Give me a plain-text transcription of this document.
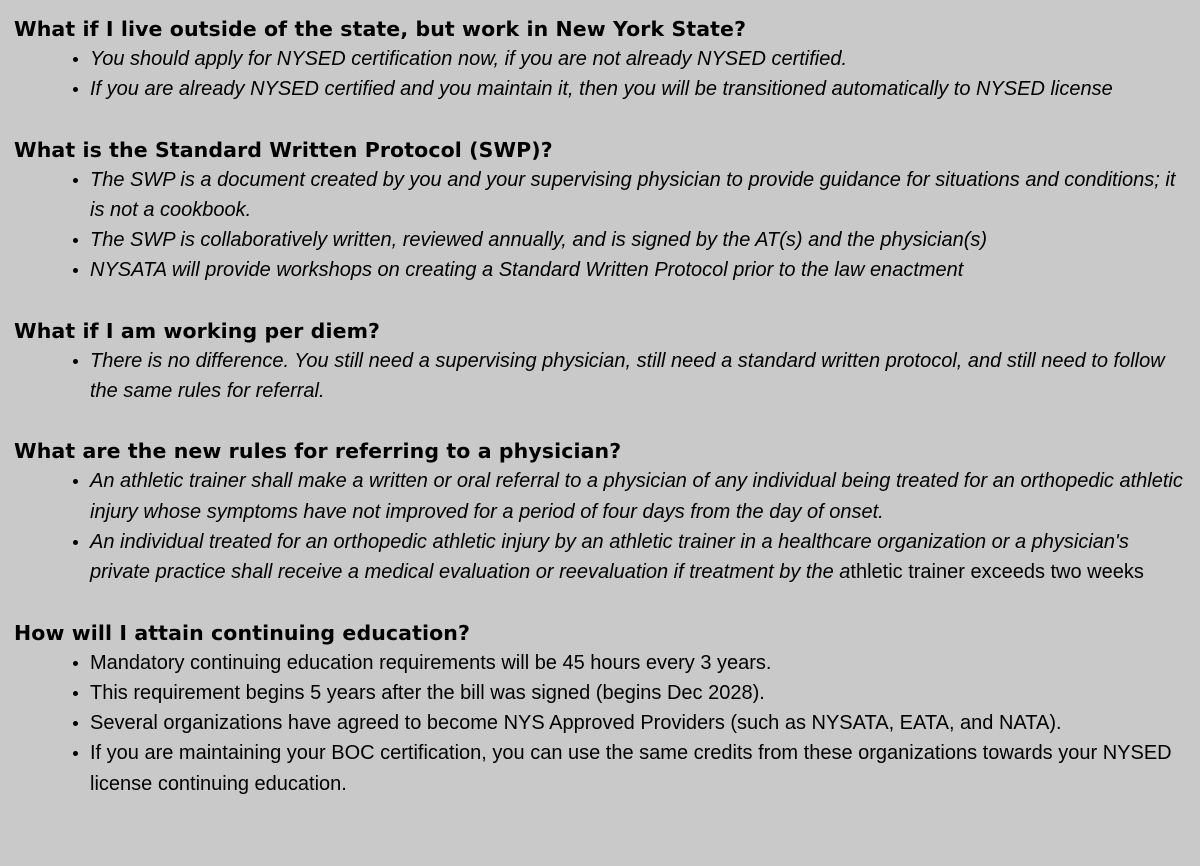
What if I live outside of the state, but work in New York State?
• You should apply for NYSED certification now, if you are not already NYSED certified.
• If you are already NYSED certified and you maintain it, then you will be transitioned automatically to NYSED license
What is the Standard Written Protocol (SWP)?
• The SWP is a document created by you and your supervising physician to provide guidance for situations and conditions; it is not a cookbook.
• The SWP is collaboratively written, reviewed annually, and is signed by the AT(s) and the physician(s)
• NYSATA will provide workshops on creating a Standard Written Protocol prior to the law enactment
What if I am working per diem?
• There is no difference. You still need a supervising physician, still need a standard written protocol, and still need to follow the same rules for referral.
What are the new rules for referring to a physician?
• An athletic trainer shall make a written or oral referral to a physician of any individual being treated for an orthopedic athletic injury whose symptoms have not improved for a period of four days from the day of onset.
• An individual treated for an orthopedic athletic injury by an athletic trainer in a healthcare organization or a physician's private practice shall receive a medical evaluation or reevaluation if treatment by the athletic trainer exceeds two weeks
How will I attain continuing education?
• Mandatory continuing education requirements will be 45 hours every 3 years.
• This requirement begins 5 years after the bill was signed (begins Dec 2028).
• Several organizations have agreed to become NYS Approved Providers (such as NYSATA, EATA, and NATA).
• If you are maintaining your BOC certification, you can use the same credits from these organizations towards your NYSED license continuing education.
